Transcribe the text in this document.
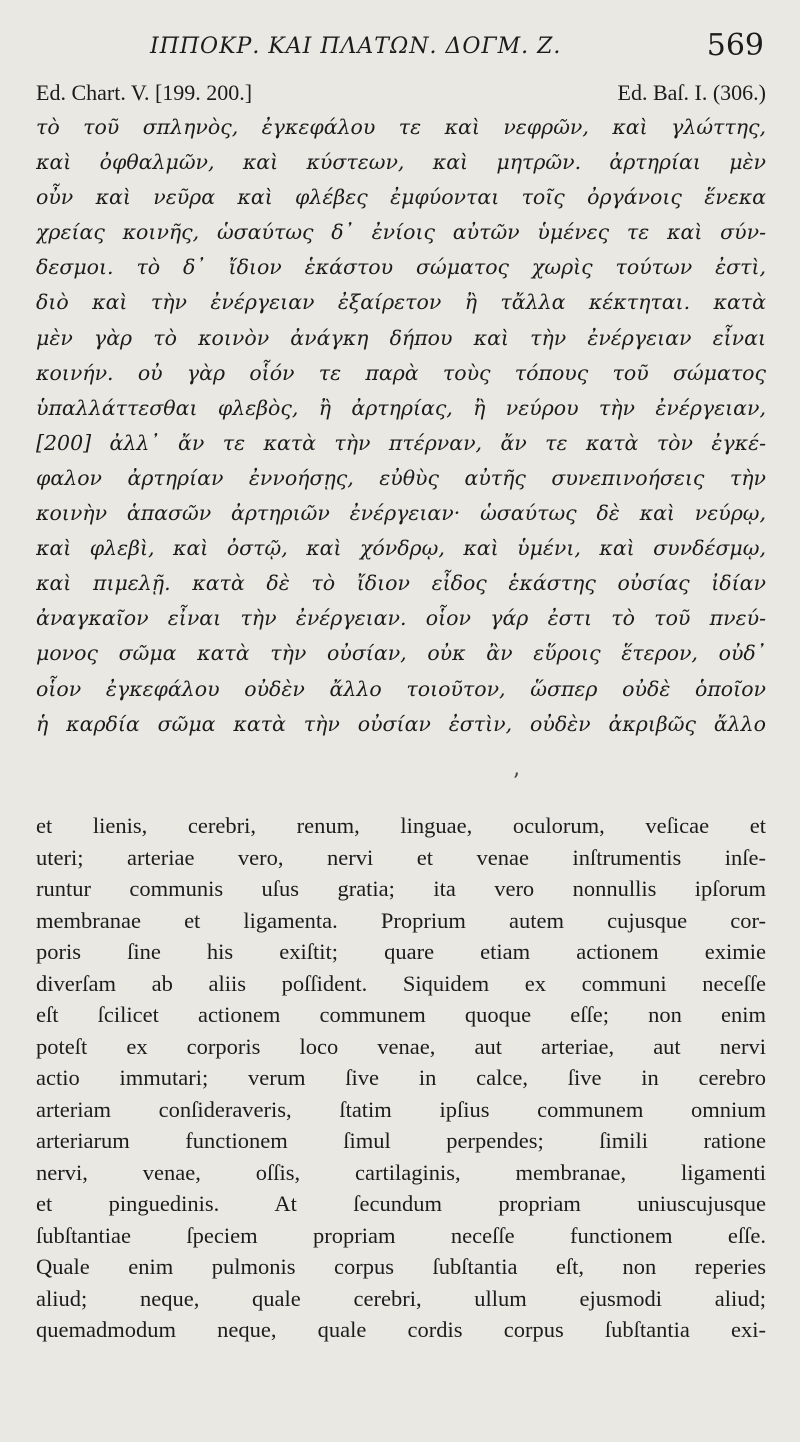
ΙΠΠΟΚΡ. ΚΑΙ ΠΛΑΤΩΝ. ΔΟΓΜ. Ζ.	569
Ed. Chart. V. [199. 200.]	Ed. Baſ. I. (306.)
τὸ τοῦ σπληνὸς, ἐγκεφάλου τε καὶ νεφρῶν, καὶ γλώττης,
καὶ ὀφθαλμῶν, καὶ κύστεων, καὶ μητρῶν. ἀρτηρίαι μὲν
οὖν καὶ νεῦρα καὶ φλέβες ἐμφύονται τοῖς ὀργάνοις ἕνεκα
χρείας κοινῆς, ὡσαύτως δ᾽ ἐνίοις αὐτῶν ὑμένες τε καὶ σύν-
δεσμοι. τὸ δ᾽ ἴδιον ἑκάστου σώματος χωρὶς τούτων ἐστὶ,
διὸ καὶ τὴν ἐνέργειαν ἐξαίρετον ἢ τἄλλα κέκτηται. κατὰ
μὲν γὰρ τὸ κοινὸν ἀνάγκη δήπου καὶ τὴν ἐνέργειαν εἶναι
κοινήν. οὐ γὰρ οἷόν τε παρὰ τοὺς τόπους τοῦ σώματος
ὑπαλλάττεσθαι φλεβὸς, ἢ ἀρτηρίας, ἢ νεύρου τὴν ἐνέργειαν,
[200] ἀλλ᾽ ἄν τε κατὰ τὴν πτέρναν, ἄν τε κατὰ τὸν ἐγκέ-
φαλον ἀρτηρίαν ἐννοήσῃς, εὐθὺς αὐτῆς συνεπινοήσεις τὴν
κοινὴν ἁπασῶν ἀρτηριῶν ἐνέργειαν· ὡσαύτως δὲ καὶ νεύρῳ,
καὶ φλεβὶ, καὶ ὀστῷ, καὶ χόνδρῳ, καὶ ὑμένι, καὶ συνδέσμῳ,
καὶ πιμελῇ. κατὰ δὲ τὸ ἴδιον εἶδος ἑκάστης οὐσίας ἰδίαν
ἀναγκαῖον εἶναι τὴν ἐνέργειαν. οἷον γάρ ἐστι τὸ τοῦ πνεύ-
μονος σῶμα κατὰ τὴν οὐσίαν, οὐκ ἂν εὕροις ἕτερον, οὐδ᾽
οἷον ἐγκεφάλου οὐδὲν ἄλλο τοιοῦτον, ὥσπερ οὐδὲ ὁποῖον
ἡ καρδία σῶμα κατὰ τὴν οὐσίαν ἐστὶν, οὐδὲν ἀκριβῶς ἄλλο
ʼ
et lienis, cerebri, renum, linguae, oculorum, veſicae et
uteri; arteriae vero, nervi et venae inſtrumentis inſe-
runtur communis uſus gratia; ita vero nonnullis ipſorum
membranae et ligamenta. Proprium autem cujusque cor-
poris ſine his exiſtit; quare etiam actionem eximie
diverſam ab aliis poſſident. Siquidem ex communi neceſſe
eſt ſcilicet actionem communem quoque eſſe; non enim
poteſt ex corporis loco venae, aut arteriae, aut nervi
actio immutari; verum ſive in calce, ſive in cerebro
arteriam conſideraveris, ſtatim ipſius communem omnium
arteriarum functionem ſimul perpendes; ſimili ratione
nervi, venae, oſſis, cartilaginis, membranae, ligamenti
et pinguedinis. At ſecundum propriam uniuscujusque
ſubſtantiae ſpeciem propriam neceſſe functionem eſſe.
Quale enim pulmonis corpus ſubſtantia eſt, non reperies
aliud; neque, quale cerebri, ullum ejusmodi aliud;
quemadmodum neque, quale cordis corpus ſubſtantia exi-
